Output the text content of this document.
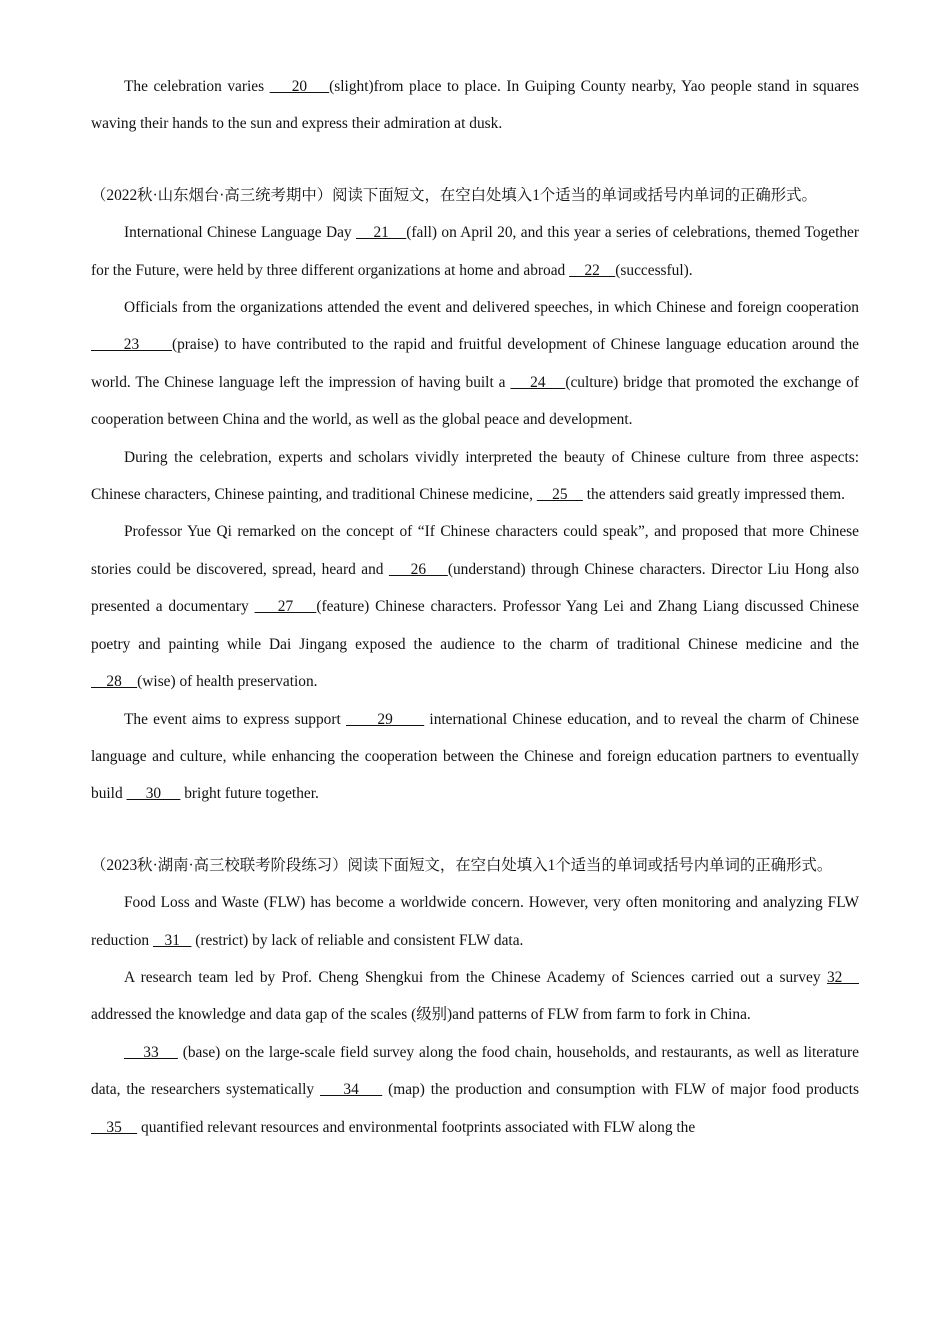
The celebration varies     20    (slight)from place to place. In Guiping County nearby, Yao people stand in squares waving their hands to the sun and express their admiration at dusk.

（2022秋·山东烟台·高三统考期中）阅读下面短文，在空白处填入1个适当的单词或括号内单词的正确形式。

International Chinese Language Day     21    (fall) on April 20, and this year a series of celebrations, themed Together for the Future, were held by three different organizations at home and abroad     22    (successful).

Officials from the organizations attended the event and delivered speeches, in which Chinese and foreign cooperation       23      (praise) to have contributed to the rapid and fruitful development of Chinese language education around the world. The Chinese language left the impression of having built a     24    (culture) bridge that promoted the exchange of cooperation between China and the world, as well as the global peace and development.

During the celebration, experts and scholars vividly interpreted the beauty of Chinese culture from three aspects: Chinese characters, Chinese painting, and traditional Chinese medicine,     25     the attenders said greatly impressed them.

Professor Yue Qi remarked on the concept of “If Chinese characters could speak”, and proposed that more Chinese stories could be discovered, spread, heard and     26    (understand) through Chinese characters. Director Liu Hong also presented a documentary     27    (feature) Chinese characters. Professor Yang Lei and Zhang Liang discussed Chinese poetry and painting while Dai Jingang exposed the audience to the charm of traditional Chinese medicine and the     28    (wise) of health preservation.

The event aims to express support       29       international Chinese education, and to reveal the charm of Chinese language and culture, while enhancing the cooperation between the Chinese and foreign education partners to eventually build      30      bright future together.

（2023秋·湖南·高三校联考阶段练习）阅读下面短文，在空白处填入1个适当的单词或括号内单词的正确形式。

Food Loss and Waste (FLW) has become a worldwide concern. However, very often monitoring and analyzing FLW reduction    31    (restrict) by lack of reliable and consistent FLW data.

A research team led by Prof. Cheng Shengkui from the Chinese Academy of Sciences carried out a survey 32    addressed the knowledge and data gap of the scales (级别)and patterns of FLW from farm to fork in China.

33     (base) on the large-scale field survey along the food chain, households, and restaurants, as well as literature data, the researchers systematically     34     (map) the production and consumption with FLW of major food products     35     quantified relevant resources and environmental footprints associated with FLW along the
